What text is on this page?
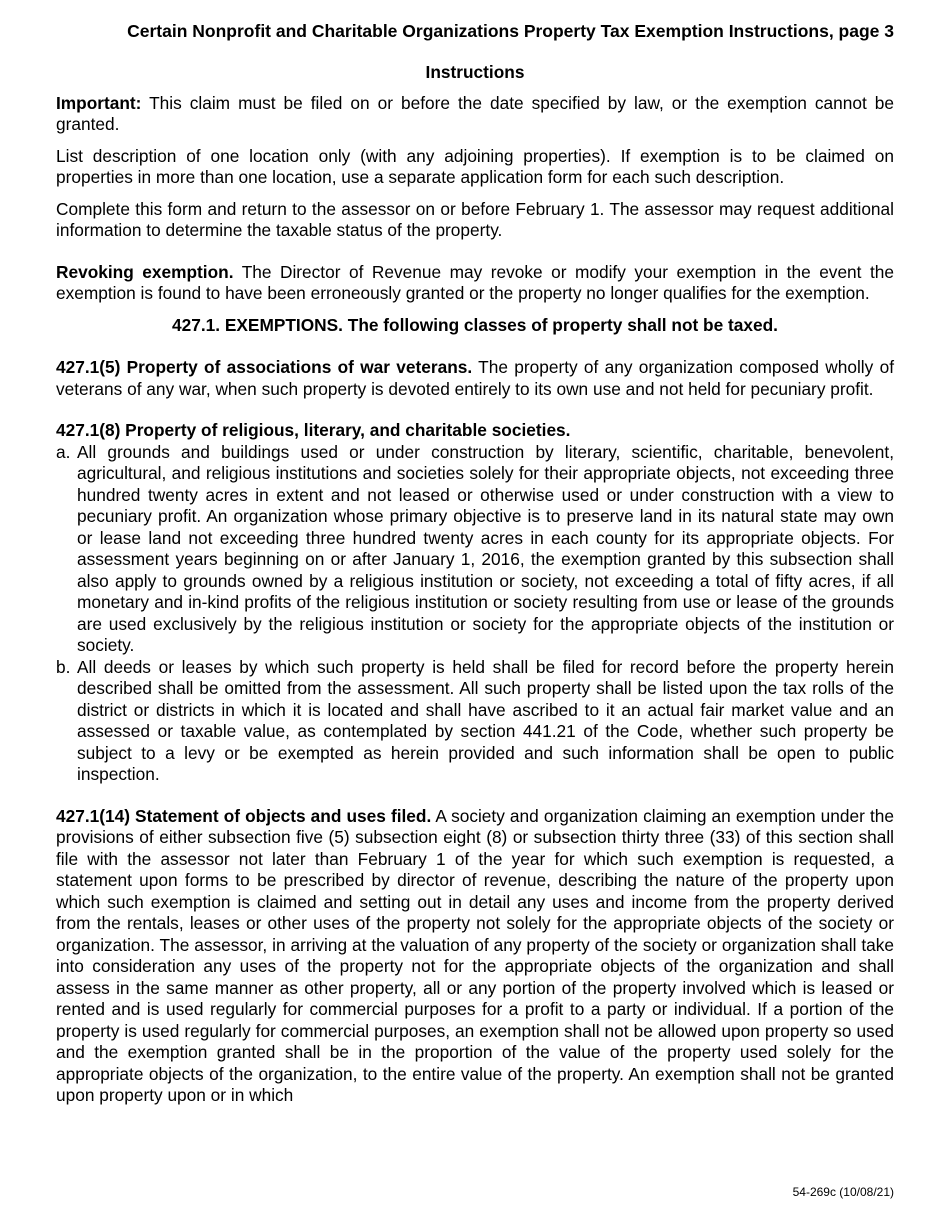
Certain Nonprofit and Charitable Organizations Property Tax Exemption Instructions, page 3
Instructions

Important: This claim must be filed on or before the date specified by law, or the exemption cannot be granted.

List description of one location only (with any adjoining properties). If exemption is to be claimed on properties in more than one location, use a separate application form for each such description.

Complete this form and return to the assessor on or before February 1. The assessor may request additional information to determine the taxable status of the property.

Revoking exemption. The Director of Revenue may revoke or modify your exemption in the event the exemption is found to have been erroneously granted or the property no longer qualifies for the exemption.

427.1. EXEMPTIONS. The following classes of property shall not be taxed.

427.1(5) Property of associations of war veterans. The property of any organization composed wholly of veterans of any war, when such property is devoted entirely to its own use and not held for pecuniary profit.

427.1(8) Property of religious, literary, and charitable societies.
a. All grounds and buildings used or under construction by literary, scientific, charitable, benevolent, agricultural, and religious institutions and societies solely for their appropriate objects, not exceeding three hundred twenty acres in extent and not leased or otherwise used or under construction with a view to pecuniary profit. An organization whose primary objective is to preserve land in its natural state may own or lease land not exceeding three hundred twenty acres in each county for its appropriate objects. For assessment years beginning on or after January 1, 2016, the exemption granted by this subsection shall also apply to grounds owned by a religious institution or society, not exceeding a total of fifty acres, if all monetary and in-kind profits of the religious institution or society resulting from use or lease of the grounds are used exclusively by the religious institution or society for the appropriate objects of the institution or society.
b. All deeds or leases by which such property is held shall be filed for record before the property herein described shall be omitted from the assessment. All such property shall be listed upon the tax rolls of the district or districts in which it is located and shall have ascribed to it an actual fair market value and an assessed or taxable value, as contemplated by section 441.21 of the Code, whether such property be subject to a levy or be exempted as herein provided and such information shall be open to public inspection.

427.1(14) Statement of objects and uses filed. A society and organization claiming an exemption under the provisions of either subsection five (5) subsection eight (8) or subsection thirty three (33) of this section shall file with the assessor not later than February 1 of the year for which such exemption is requested, a statement upon forms to be prescribed by director of revenue, describing the nature of the property upon which such exemption is claimed and setting out in detail any uses and income from the property derived from the rentals, leases or other uses of the property not solely for the appropriate objects of the society or organization. The assessor, in arriving at the valuation of any property of the society or organization shall take into consideration any uses of the property not for the appropriate objects of the organization and shall assess in the same manner as other property, all or any portion of the property involved which is leased or rented and is used regularly for commercial purposes for a profit to a party or individual. If a portion of the property is used regularly for commercial purposes, an exemption shall not be allowed upon property so used and the exemption granted shall be in the proportion of the value of the property used solely for the appropriate objects of the organization, to the entire value of the property. An exemption shall not be granted upon property upon or in which

54-269c (10/08/21)
